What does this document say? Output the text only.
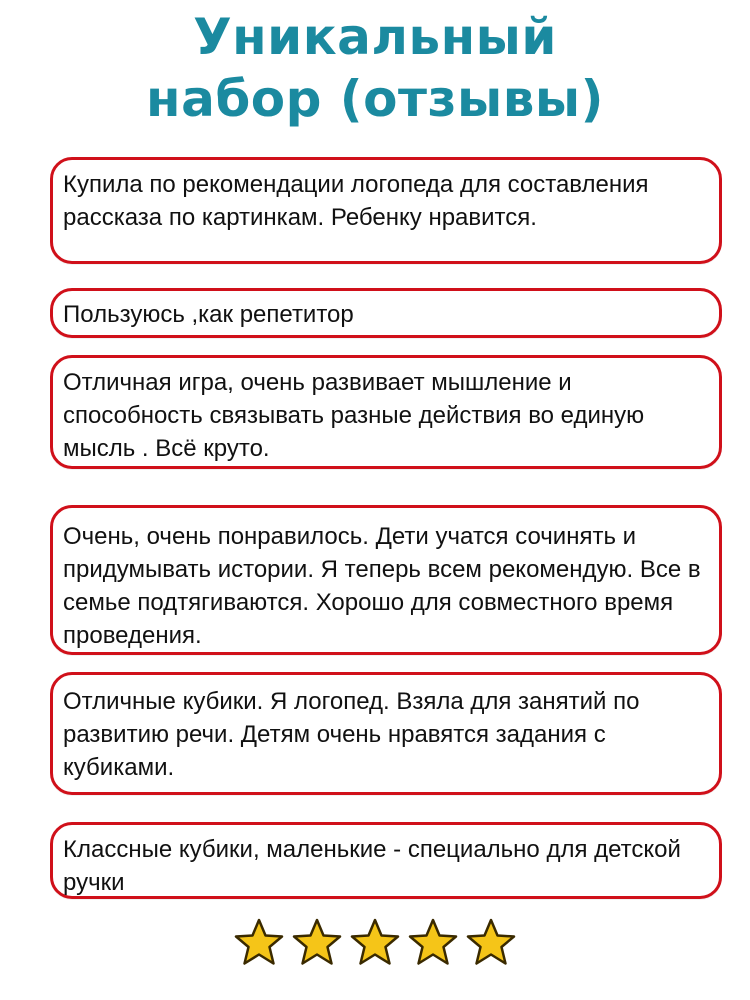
Уникальный
набор (отзывы)
Купила по рекомендации логопеда для составления рассказа по картинкам. Ребенку нравится.
Пользуюсь ,как репетитор
Отличная игра, очень развивает мышление и способность связывать разные действия во единую мысль . Всё круто.
Очень, очень понравилось. Дети учатся сочинять и придумывать истории. Я теперь всем рекомендую. Все в семье подтягиваются. Хорошо для совместного время проведения.
Отличные кубики. Я логопед. Взяла для занятий по развитию речи. Детям очень нравятся задания с кубиками.
Классные кубики, маленькие - специально для детской ручки
